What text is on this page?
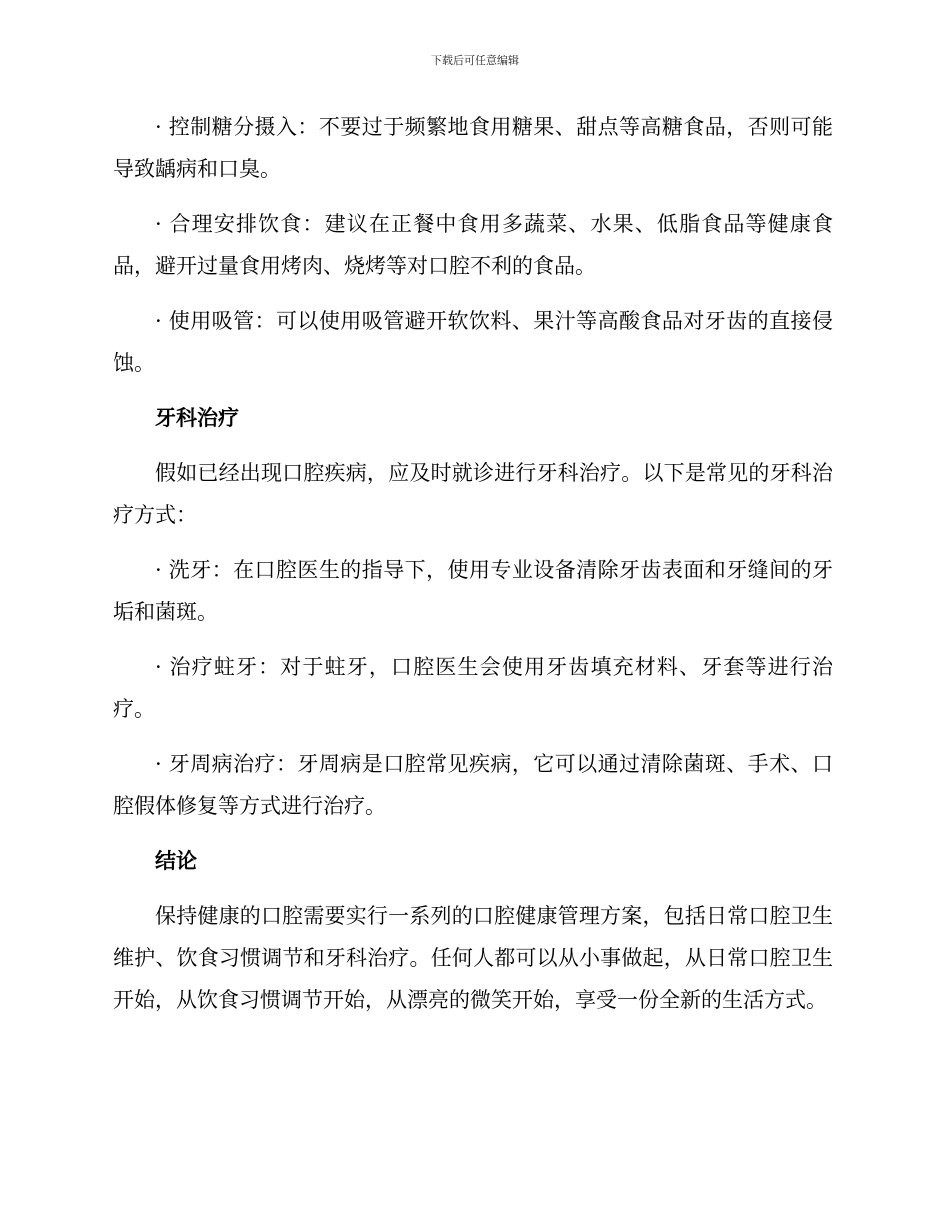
下载后可任意编辑

· 控制糖分摄入：不要过于频繁地食用糖果、甜点等高糖食品，否则可能导致龋病和口臭。

· 合理安排饮食：建议在正餐中食用多蔬菜、水果、低脂食品等健康食品，避开过量食用烤肉、烧烤等对口腔不利的食品。

· 使用吸管：可以使用吸管避开软饮料、果汁等高酸食品对牙齿的直接侵蚀。

牙科治疗

假如已经出现口腔疾病，应及时就诊进行牙科治疗。以下是常见的牙科治疗方式：

· 洗牙：在口腔医生的指导下，使用专业设备清除牙齿表面和牙缝间的牙垢和菌斑。

· 治疗蛀牙：对于蛀牙，口腔医生会使用牙齿填充材料、牙套等进行治疗。

· 牙周病治疗：牙周病是口腔常见疾病，它可以通过清除菌斑、手术、口腔假体修复等方式进行治疗。

结论

保持健康的口腔需要实行一系列的口腔健康管理方案，包括日常口腔卫生维护、饮食习惯调节和牙科治疗。任何人都可以从小事做起，从日常口腔卫生开始，从饮食习惯调节开始，从漂亮的微笑开始，享受一份全新的生活方式。
